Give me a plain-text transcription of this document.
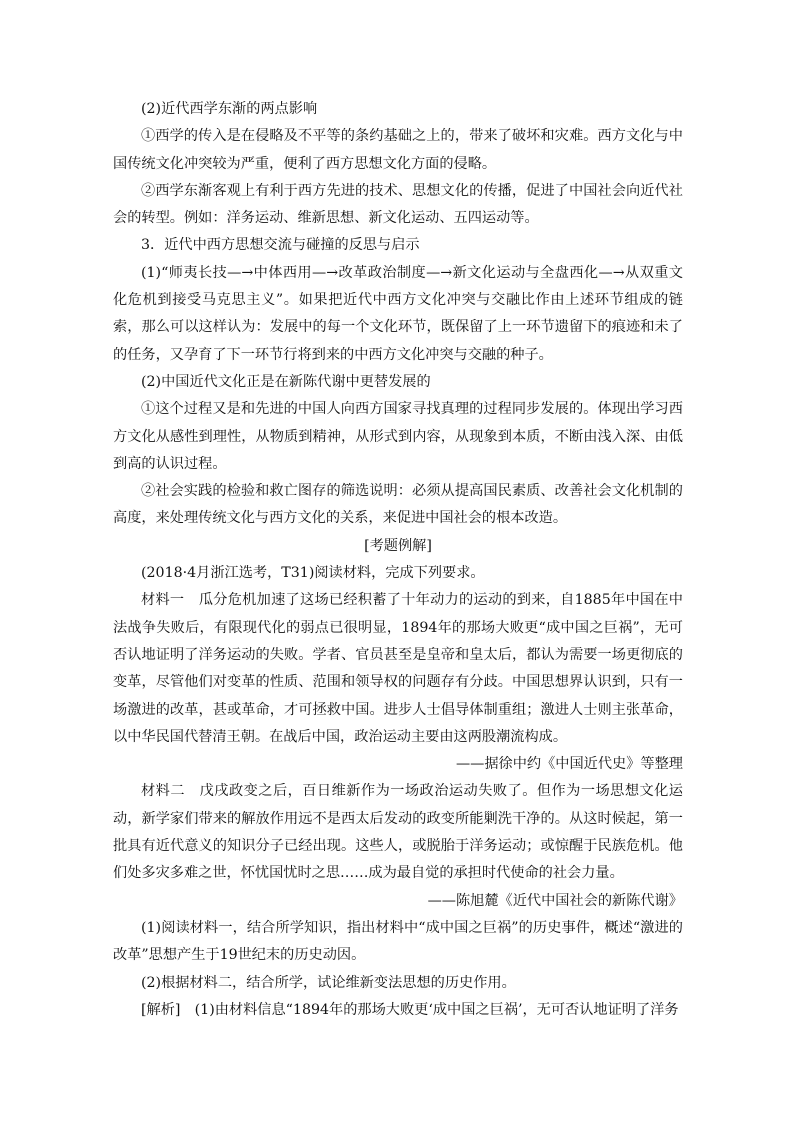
(2)近代西学东渐的两点影响

①西学的传入是在侵略及不平等的条约基础之上的，带来了破坏和灾难。西方文化与中国传统文化冲突较为严重，便利了西方思想文化方面的侵略。

②西学东渐客观上有利于西方先进的技术、思想文化的传播，促进了中国社会向近代社会的转型。例如：洋务运动、维新思想、新文化运动、五四运动等。

3．近代中西方思想交流与碰撞的反思与启示

(1)“师夷长技—→中体西用—→改革政治制度—→新文化运动与全盘西化—→从双重文化危机到接受马克思主义”。如果把近代中西方文化冲突与交融比作由上述环节组成的链索，那么可以这样认为：发展中的每一个文化环节，既保留了上一环节遗留下的痕迹和未了的任务，又孕育了下一环节行将到来的中西方文化冲突与交融的种子。

(2)中国近代文化正是在新陈代谢中更替发展的

①这个过程又是和先进的中国人向西方国家寻找真理的过程同步发展的。体现出学习西方文化从感性到理性，从物质到精神，从形式到内容，从现象到本质，不断由浅入深、由低到高的认识过程。

②社会实践的检验和救亡图存的筛选说明：必须从提高国民素质、改善社会文化机制的高度，来处理传统文化与西方文化的关系，来促进中国社会的根本改造。

[考题例解]

(2018·4月浙江选考，T31)阅读材料，完成下列要求。

材料一　瓜分危机加速了这场已经积蓄了十年动力的运动的到来，自1885年中国在中法战争失败后，有限现代化的弱点已很明显，1894年的那场大败更“成中国之巨祸”，无可否认地证明了洋务运动的失败。学者、官员甚至是皇帝和皇太后，都认为需要一场更彻底的变革，尽管他们对变革的性质、范围和领导权的问题存有分歧。中国思想界认识到，只有一场激进的改革，甚或革命，才可拯救中国。进步人士倡导体制重组；激进人士则主张革命，以中华民国代替清王朝。在战后中国，政治运动主要由这两股潮流构成。

——据徐中约《中国近代史》等整理

材料二　戊戌政变之后，百日维新作为一场政治运动失败了。但作为一场思想文化运动，新学家们带来的解放作用远不是西太后发动的政变所能剿洗干净的。从这时候起，第一批具有近代意义的知识分子已经出现。这些人，或脱胎于洋务运动；或惊醒于民族危机。他们处多灾多难之世，怀忧国忧时之思……成为最自觉的承担时代使命的社会力量。

——陈旭麓《近代中国社会的新陈代谢》

(1)阅读材料一，结合所学知识，指出材料中“成中国之巨祸”的历史事件，概述“激进的改革”思想产生于19世纪末的历史动因。

(2)根据材料二，结合所学，试论维新变法思想的历史作用。

[解析]　(1)由材料信息“1894年的那场大败更‘成中国之巨祸’，无可否认地证明了洋务
